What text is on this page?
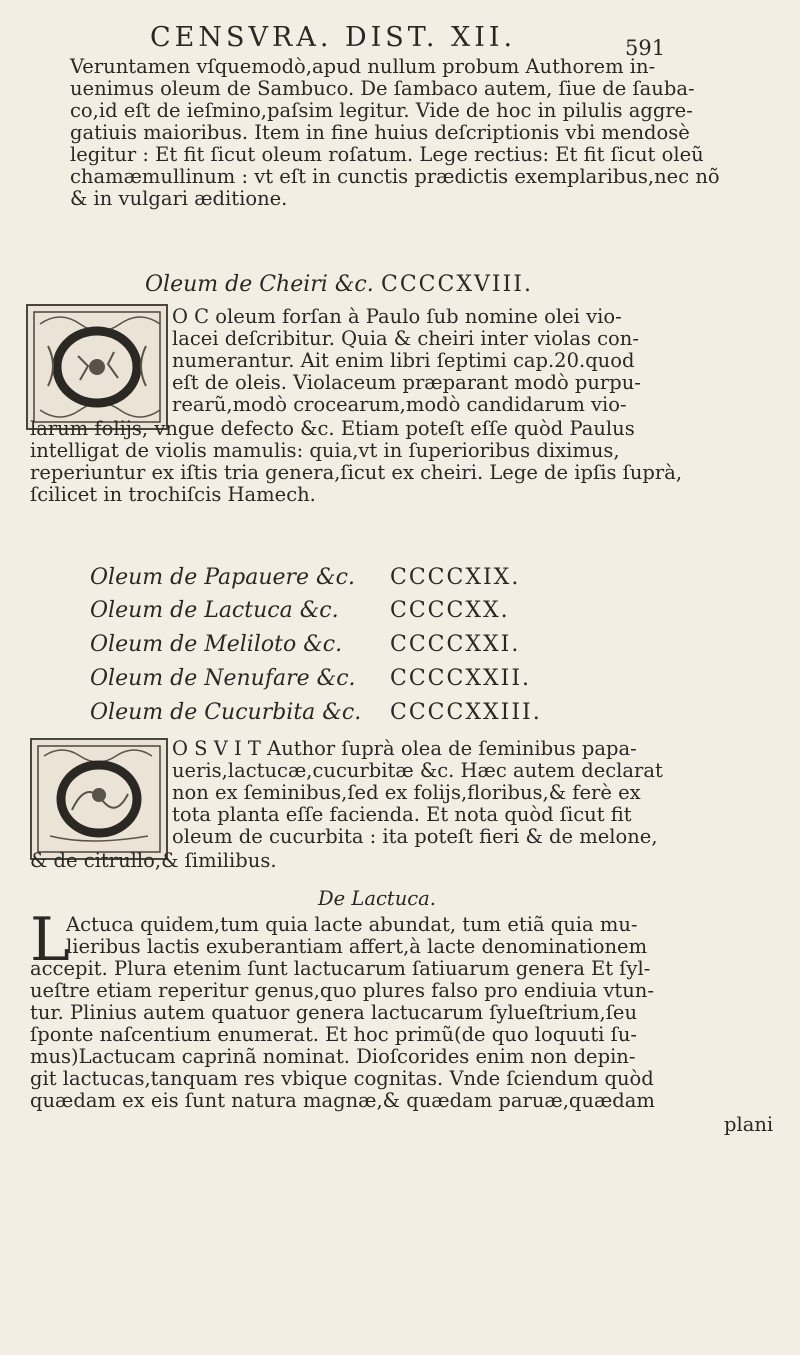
CENSVRA. DIST. XII.	591
Veruntamen vſquemodò,apud nullum probum Authorem in-
uenimus oleum de Sambuco. De ſambaco autem, ſiue de ſauba-
co,id eſt de ieſmino,paſsim legitur. Vide de hoc in pilulis aggre-
gatiuis maioribus. Item in fine huius deſcriptionis vbi mendosè
legitur : Et fit ſicut oleum roſatum. Lege rectius: Et fit ſicut oleũ
chamæmullinum : vt eſt in cunctis prædictis exemplaribus,nec nõ
& in vulgari æditione.
Oleum de Cheiri &c. CCCCXVIII.
O C oleum forſan à Paulo ſub nomine olei vio-
lacei deſcribitur. Quia & cheiri inter violas con-
numerantur. Ait enim libri ſeptimi cap.20.quod
eſt de oleis. Violaceum præparant modò purpu-
rearũ,modò crocearum,modò candidarum vio-
larum folijs, vngue defecto &c. Etiam poteſt eſſe quòd Paulus
intelligat de violis mamulis: quia,vt in ſuperioribus diximus,
reperiuntur ex iſtis tria genera,ſicut ex cheiri. Lege de ipſis ſuprà,
ſcilicet in trochiſcis Hamech.
Oleum de Papauere &c. CCCCXIX.
Oleum de Lactuca &c. CCCCXX.
Oleum de Meliloto &c. CCCCXXI.
Oleum de Nenufare &c. CCCCXXII.
Oleum de Cucurbita &c. CCCCXXIII.
O S V I T Author ſuprà olea de ſeminibus papa-
ueris,lactucæ,cucurbitæ &c. Hæc autem declarat
non ex ſeminibus,ſed ex folijs,floribus,& ferè ex
tota planta eſſe facienda. Et nota quòd ſicut fit
oleum de cucurbita : ita poteſt fieri & de melone,
& de citrullo,& ſimilibus.
De Lactuca.
L
Actuca quidem,tum quia lacte abundat, tum etiã quia mu-
lieribus lactis exuberantiam affert,à lacte denominationem
accepit. Plura etenim ſunt lactucarum ſatiuarum genera Et ſyl-
ueſtre etiam reperitur genus,quo plures falso pro endiuia vtun-
tur. Plinius autem quatuor genera lactucarum ſylueſtrium,ſeu
ſponte naſcentium enumerat. Et hoc primũ(de quo loquuti ſu-
mus)Lactucam caprinã nominat. Dioſcorides enim non depin-
git lactucas,tanquam res vbique cognitas. Vnde ſciendum quòd
quædam ex eis ſunt natura magnæ,& quædam paruæ,quædam
plani
